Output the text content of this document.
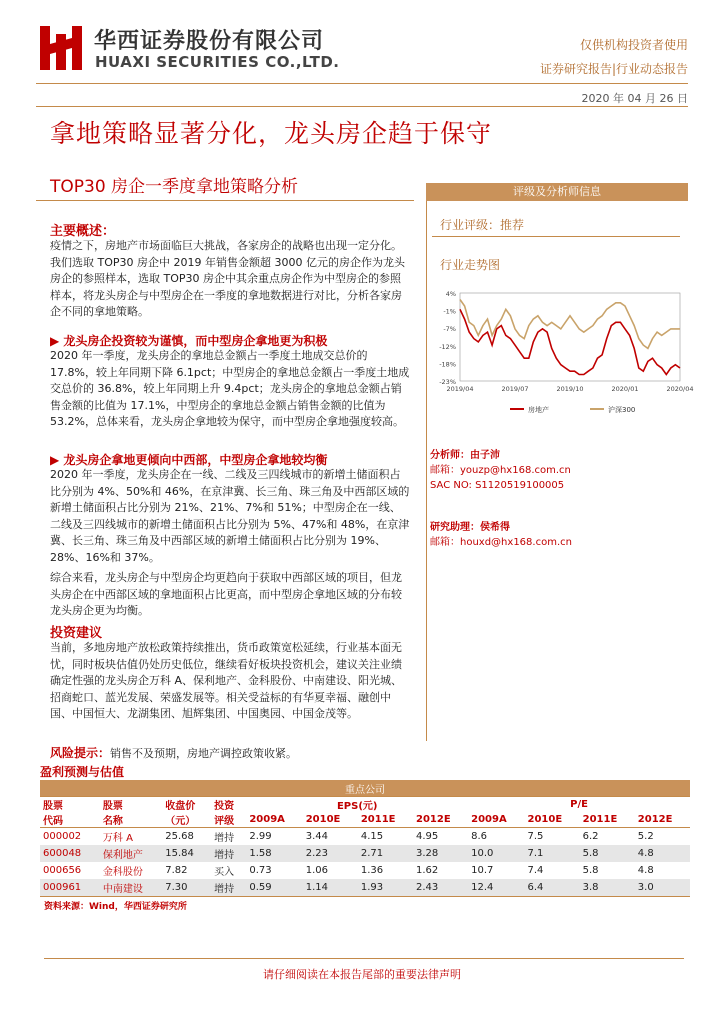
华西证券股份有限公司
HUAXI SECURITIES CO.,LTD.
仅供机构投资者使用
证券研究报告|行业动态报告
2020 年 04 月 26 日
拿地策略显著分化，龙头房企趋于保守
TOP30 房企一季度拿地策略分析	评级及分析师信息
行业评级：推荐
行业走势图
4%
-1%
-7%
-12%
-18%
-23%
2019/04	2019/07	2019/10	2020/01	2020/04
房地产	沪深300
分析师：由子沛
邮箱：youzp@hx168.com.cn
SAC NO: S1120519100005
研究助理：侯希得
邮箱：houxd@hx168.com.cn
主要概述：
疫情之下，房地产市场面临巨大挑战，各家房企的战略也出现一定分化。我们选取 TOP30 房企中 2019 年销售金额超 3000 亿元的房企作为龙头房企的参照样本，选取 TOP30 房企中其余重点房企作为中型房企的参照样本，将龙头房企与中型房企在一季度的拿地数据进行对比，分析各家房企不同的拿地策略。
▶ 龙头房企投资较为谨慎，而中型房企拿地更为积极
2020 年一季度，龙头房企的拿地总金额占一季度土地成交总价的 17.8%，较上年同期下降 6.1pct；中型房企的拿地总金额占一季度土地成交总价的 36.8%，较上年同期上升 9.4pct；龙头房企的拿地总金额占销售金额的比值为 17.1%，中型房企的拿地总金额占销售金额的比值为 53.2%，总体来看，龙头房企拿地较为保守，而中型房企拿地强度较高。
▶ 龙头房企拿地更倾向中西部，中型房企拿地较均衡
2020 年一季度，龙头房企在一线、二线及三四线城市的新增土储面积占比分别为 4%、50%和 46%，在京津冀、长三角、珠三角及中西部区域的新增土储面积占比分别为 21%、21%、7%和 51%；中型房企在一线、二线及三四线城市的新增土储面积占比分别为 5%、47%和 48%，在京津冀、长三角、珠三角及中西部区域的新增土储面积占比分别为 19%、28%、16%和 37%。
综合来看，龙头房企与中型房企均更趋向于获取中西部区域的项目，但龙头房企在中西部区域的拿地面积占比更高，而中型房企拿地区域的分布较龙头房企更为均衡。
投资建议
当前，多地房地产放松政策持续推出，货币政策宽松延续，行业基本面无忧，同时板块估值仍处历史低位，继续看好板块投资机会，建议关注业绩确定性强的龙头房企万科 A、保利地产、金科股份、中南建设、阳光城、招商蛇口、蓝光发展、荣盛发展等。相关受益标的有华夏幸福、融创中国、中国恒大、龙湖集团、旭辉集团、中国奥园、中国金茂等。
风险提示：销售不及预期，房地产调控政策收紧。
盈利预测与估值
重点公司											
股票	股票	收盘价	投资	EPS(元)				P/E			
代码	名称	（元）	评级	2009A	2010E	2011E	2012E	2009A	2010E	2011E	2012E
000002	万科 A	25.68	增持	2.99	3.44	4.15	4.95	8.6	7.5	6.2	5.2
600048	保利地产	15.84	增持	1.58	2.23	2.71	3.28	10.0	7.1	5.8	4.8
000656	金科股份	7.82	买入	0.73	1.06	1.36	1.62	10.7	7.4	5.8	4.8
000961	中南建设	7.30	增持	0.59	1.14	1.93	2.43	12.4	6.4	3.8	3.0
资料来源：Wind，华西证券研究所
请仔细阅读在本报告尾部的重要法律声明
